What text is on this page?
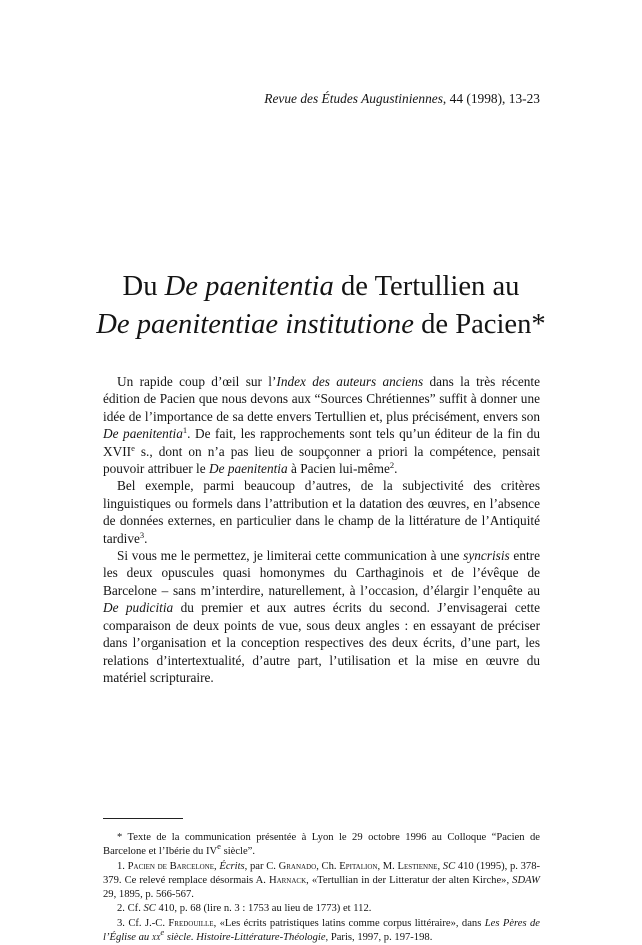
Revue des Études Augustiniennes, 44 (1998), 13-23
Du De paenitentia de Tertullien au
De paenitentiae institutione de Pacien*

Un rapide coup d’œil sur l’Index des auteurs anciens dans la très récente édition de Pacien que nous devons aux “Sources Chrétiennes” suffit à donner une idée de l’importance de sa dette envers Tertullien et, plus précisément, envers son De paenitentia$^1$. De fait, les rapprochements sont tels qu’un éditeur de la fin du XVIIe s., dont on n’a pas lieu de soupçonner a priori la compétence, pensait pouvoir attribuer le De paenitentia à Pacien lui-même$^2$.

Bel exemple, parmi beaucoup d’autres, de la subjectivité des critères linguistiques ou formels dans l’attribution et la datation des œuvres, en l’absence de données externes, en particulier dans le champ de la littérature de l’Antiquité tardive$^3$.

Si vous me le permettez, je limiterai cette communication à une syncrisis entre les deux opuscules quasi homonymes du Carthaginois et de l’évêque de Barcelone – sans m’interdire, naturellement, à l’occasion, d’élargir l’enquête au De pudicitia du premier et aux autres écrits du second. J’envisagerai cette comparaison de deux points de vue, sous deux angles : en essayant de préciser dans l’organisation et la conception respectives des deux écrits, d’une part, les relations d’intertextualité, d’autre part, l’utilisation et la mise en œuvre du matériel scripturaire.

* Texte de la communication présentée à Lyon le 29 octobre 1996 au Colloque “Pacien de Barcelone et l’Ibérie du IVe siècle”.

1. Pacien de Barcelone, Écrits, par C. Granado, Ch. Epitalion, M. Lestienne, SC 410 (1995), p. 378-379. Ce relevé remplace désormais A. Harnack, «Tertullian in der Litteratur der alten Kirche», SDAW 29, 1895, p. 566-567.

2. Cf. SC 410, p. 68 (lire n. 3 : 1753 au lieu de 1773) et 112.

3. Cf. J.-C. Fredouille, «Les écrits patristiques latins comme corpus littéraire», dans Les Pères de l’Église au $xx^e$ siècle. Histoire-Littérature-Théologie, Paris, 1997, p. 197-198.
